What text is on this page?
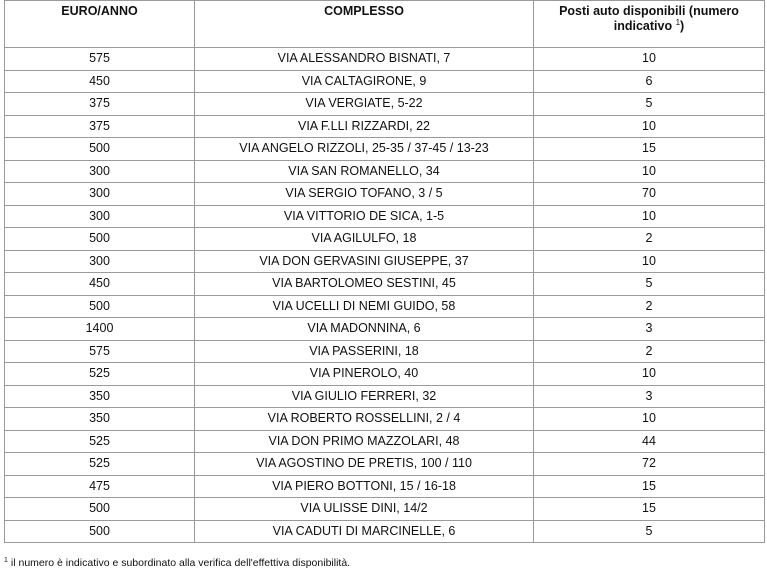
EURO/ANNO	COMPLESSO	Posti auto disponibili (numero indicativo $^1$)
575	VIA ALESSANDRO BISNATI, 7	10
450	VIA CALTAGIRONE, 9	6
375	VIA VERGIATE, 5-22	5
375	VIA F.LLI RIZZARDI, 22	10
500	VIA ANGELO RIZZOLI, 25-35 / 37-45 / 13-23	15
300	VIA SAN ROMANELLO, 34	10
300	VIA SERGIO TOFANO, 3 / 5	70
300	VIA VITTORIO DE SICA, 1-5	10
500	VIA AGILULFO, 18	2
300	VIA DON GERVASINI GIUSEPPE, 37	10
450	VIA BARTOLOMEO SESTINI, 45	5
500	VIA UCELLI DI NEMI GUIDO, 58	2
1400	VIA MADONNINA, 6	3
575	VIA PASSERINI, 18	2
525	VIA PINEROLO, 40	10
350	VIA GIULIO FERRERI, 32	3
350	VIA ROBERTO ROSSELLINI, 2 / 4	10
525	VIA DON PRIMO MAZZOLARI, 48	44
525	VIA AGOSTINO DE PRETIS, 100 / 110	72
475	VIA PIERO BOTTONI, 15 / 16-18	15
500	VIA ULISSE DINI, 14/2	15
500	VIA CADUTI DI MARCINELLE, 6	5
$^1$ il numero è indicativo e subordinato alla verifica dell'effettiva disponibilità.
